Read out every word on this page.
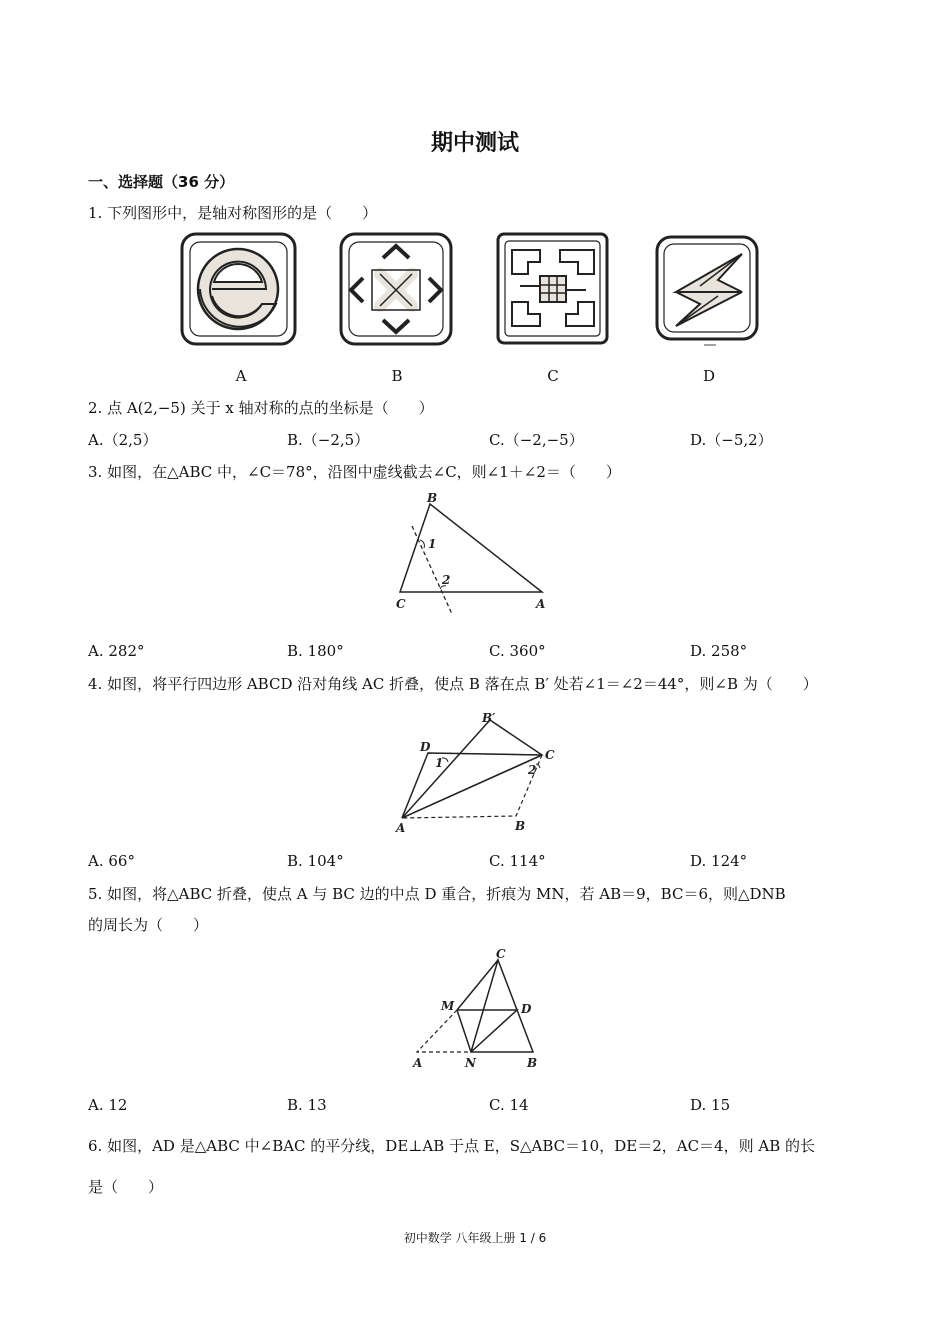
期中测试
一、选择题（36 分）
1. 下列图形中，是轴对称图形的是（　　）
A	B	C	D
2. 点 A(2,−5) 关于 x 轴对称的点的坐标是（　　）
A.（2,5）	B.（−2,5）	C.（−2,−5）	D.（−5,2）
3. 如图，在△ABC 中，∠C＝78°，沿图中虚线截去∠C，则∠1＋∠2＝（　　）
B
1
2
C	A
A. 282°	B. 180°	C. 360°	D. 258°
4. 如图，将平行四边形 ABCD 沿对角线 AC 折叠，使点 B 落在点 B′ 处若∠1＝∠2＝44°，则∠B 为（　　）
B′
D
C
1	2
A	B
A. 66°	B. 104°	C. 114°	D. 124°
5. 如图，将△ABC 折叠，使点 A 与 BC 边的中点 D 重合，折痕为 MN，若 AB＝9，BC＝6，则△DNB
的周长为（　　）
C
M	D
A	N	B
A. 12	B. 13	C. 14	D. 15
6. 如图，AD 是△ABC 中∠BAC 的平分线，DE⊥AB 于点 E，S△ABC＝10，DE＝2，AC＝4，则 AB 的长
是（　　）
初中数学 八年级上册 1 / 6
